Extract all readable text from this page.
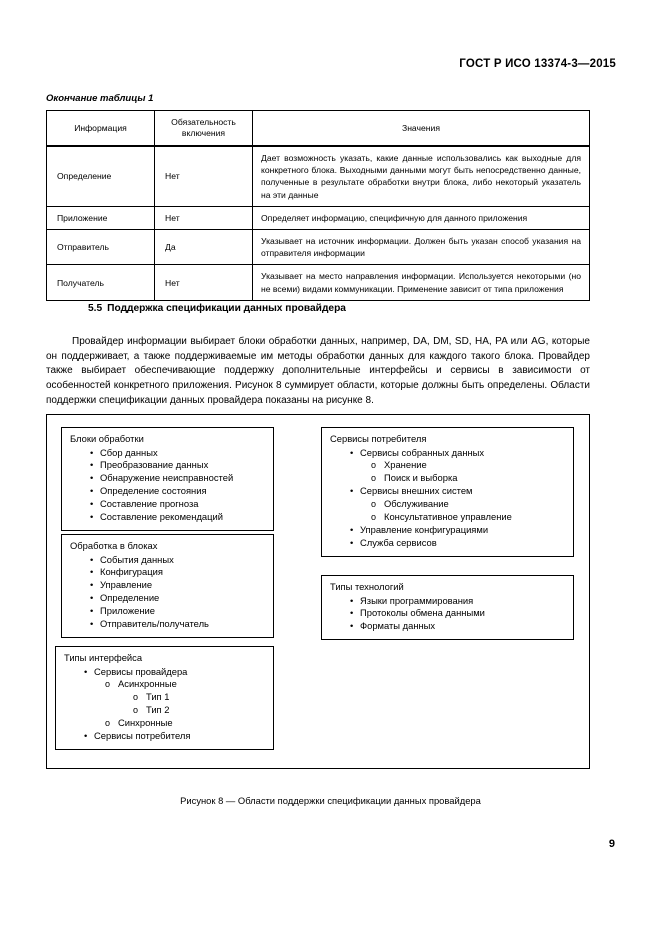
ГОСТ Р ИСО 13374-3—2015
Окончание таблицы 1
Информация	Обязательность включения	Значения
Определение	Нет	Дает возможность указать, какие данные использовались как выходные для конкретного блока. Выходными данными могут быть непосредственно данные, полученные в результате обработки внутри блока, либо некоторый указатель на эти данные
Приложение	Нет	Определяет информацию, специфичную для данного приложения
Отправитель	Да	Указывает на источник информации. Должен быть указан способ указания на отправителя информации
Получатель	Нет	Указывает на место направления информации. Используется некоторыми (но не всеми) видами коммуникации. Применение зависит от типа приложения
5.5 Поддержка спецификации данных провайдера

Провайдер информации выбирает блоки обработки данных, например, DA, DM, SD, HA, PA или AG, которые он поддерживает, а также поддерживаемые им методы обработки данных для каждого такого блока. Провайдер также выбирает обеспечивающие поддержку дополнительные интерфейсы и сервисы в зависимости от особенностей конкретного приложения. Рисунок 8 суммирует области, которые должны быть определены. Области поддержки спецификации данных провайдера показаны на рисунке 8.

Блоки обработки
• Сбор данных
• Преобразование данных
• Обнаружение неисправностей
• Определение состояния
• Составление прогноза
• Составление рекомендаций
Обработка в блоках
• События данных
• Конфигурация
• Управление
• Определение
• Приложение
• Отправитель/получатель
Типы интерфейса
• Сервисы провайдера
o Асинхронные
o Тип 1
o Тип 2
o Синхронные
• Сервисы потребителя
Сервисы потребителя
• Сервисы собранных данных
o Хранение
o Поиск и выборка
• Сервисы внешних систем
o Обслуживание
o Консультативное управление
• Управление конфигурациями
• Служба сервисов
Типы технологий
• Языки программирования
• Протоколы обмена данными
• Форматы данных
Рисунок 8 — Области поддержки спецификации данных провайдера
9
